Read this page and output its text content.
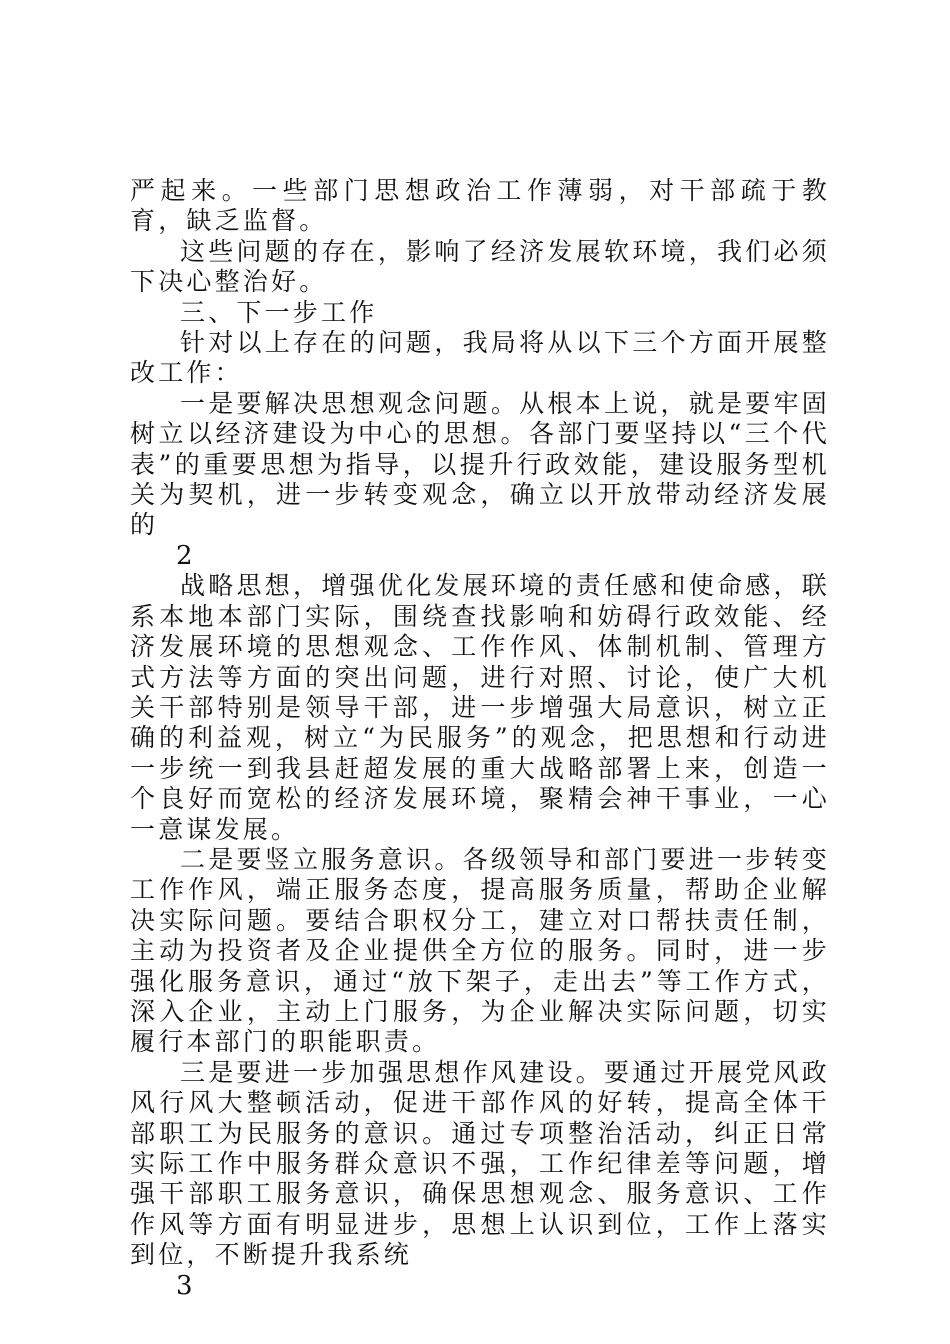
严起来。一些部门思想政治工作薄弱，对干部疏于教育，缺乏监督。

这些问题的存在，影响了经济发展软环境，我们必须下决心整治好。

三、下一步工作

针对以上存在的问题，我局将从以下三个方面开展整改工作：

一是要解决思想观念问题。从根本上说，就是要牢固树立以经济建设为中心的思想。各部门要坚持以“三个代表”的重要思想为指导，以提升行政效能，建设服务型机关为契机，进一步转变观念，确立以开放带动经济发展的

2

战略思想，增强优化发展环境的责任感和使命感，联系本地本部门实际，围绕查找影响和妨碍行政效能、经济发展环境的思想观念、工作作风、体制机制、管理方式方法等方面的突出问题，进行对照、讨论，使广大机关干部特别是领导干部，进一步增强大局意识，树立正确的利益观，树立“为民服务”的观念，把思想和行动进一步统一到我县赶超发展的重大战略部署上来，创造一个良好而宽松的经济发展环境，聚精会神干事业，一心一意谋发展。

二是要竖立服务意识。各级领导和部门要进一步转变工作作风，端正服务态度，提高服务质量，帮助企业解决实际问题。要结合职权分工，建立对口帮扶责任制，主动为投资者及企业提供全方位的服务。同时，进一步强化服务意识，通过“放下架子，走出去”等工作方式，深入企业，主动上门服务，为企业解决实际问题，切实履行本部门的职能职责。

三是要进一步加强思想作风建设。要通过开展党风政风行风大整顿活动，促进干部作风的好转，提高全体干部职工为民服务的意识。通过专项整治活动，纠正日常实际工作中服务群众意识不强，工作纪律差等问题，增强干部职工服务意识，确保思想观念、服务意识、工作作风等方面有明显进步，思想上认识到位，工作上落实到位，不断提升我系统

3
